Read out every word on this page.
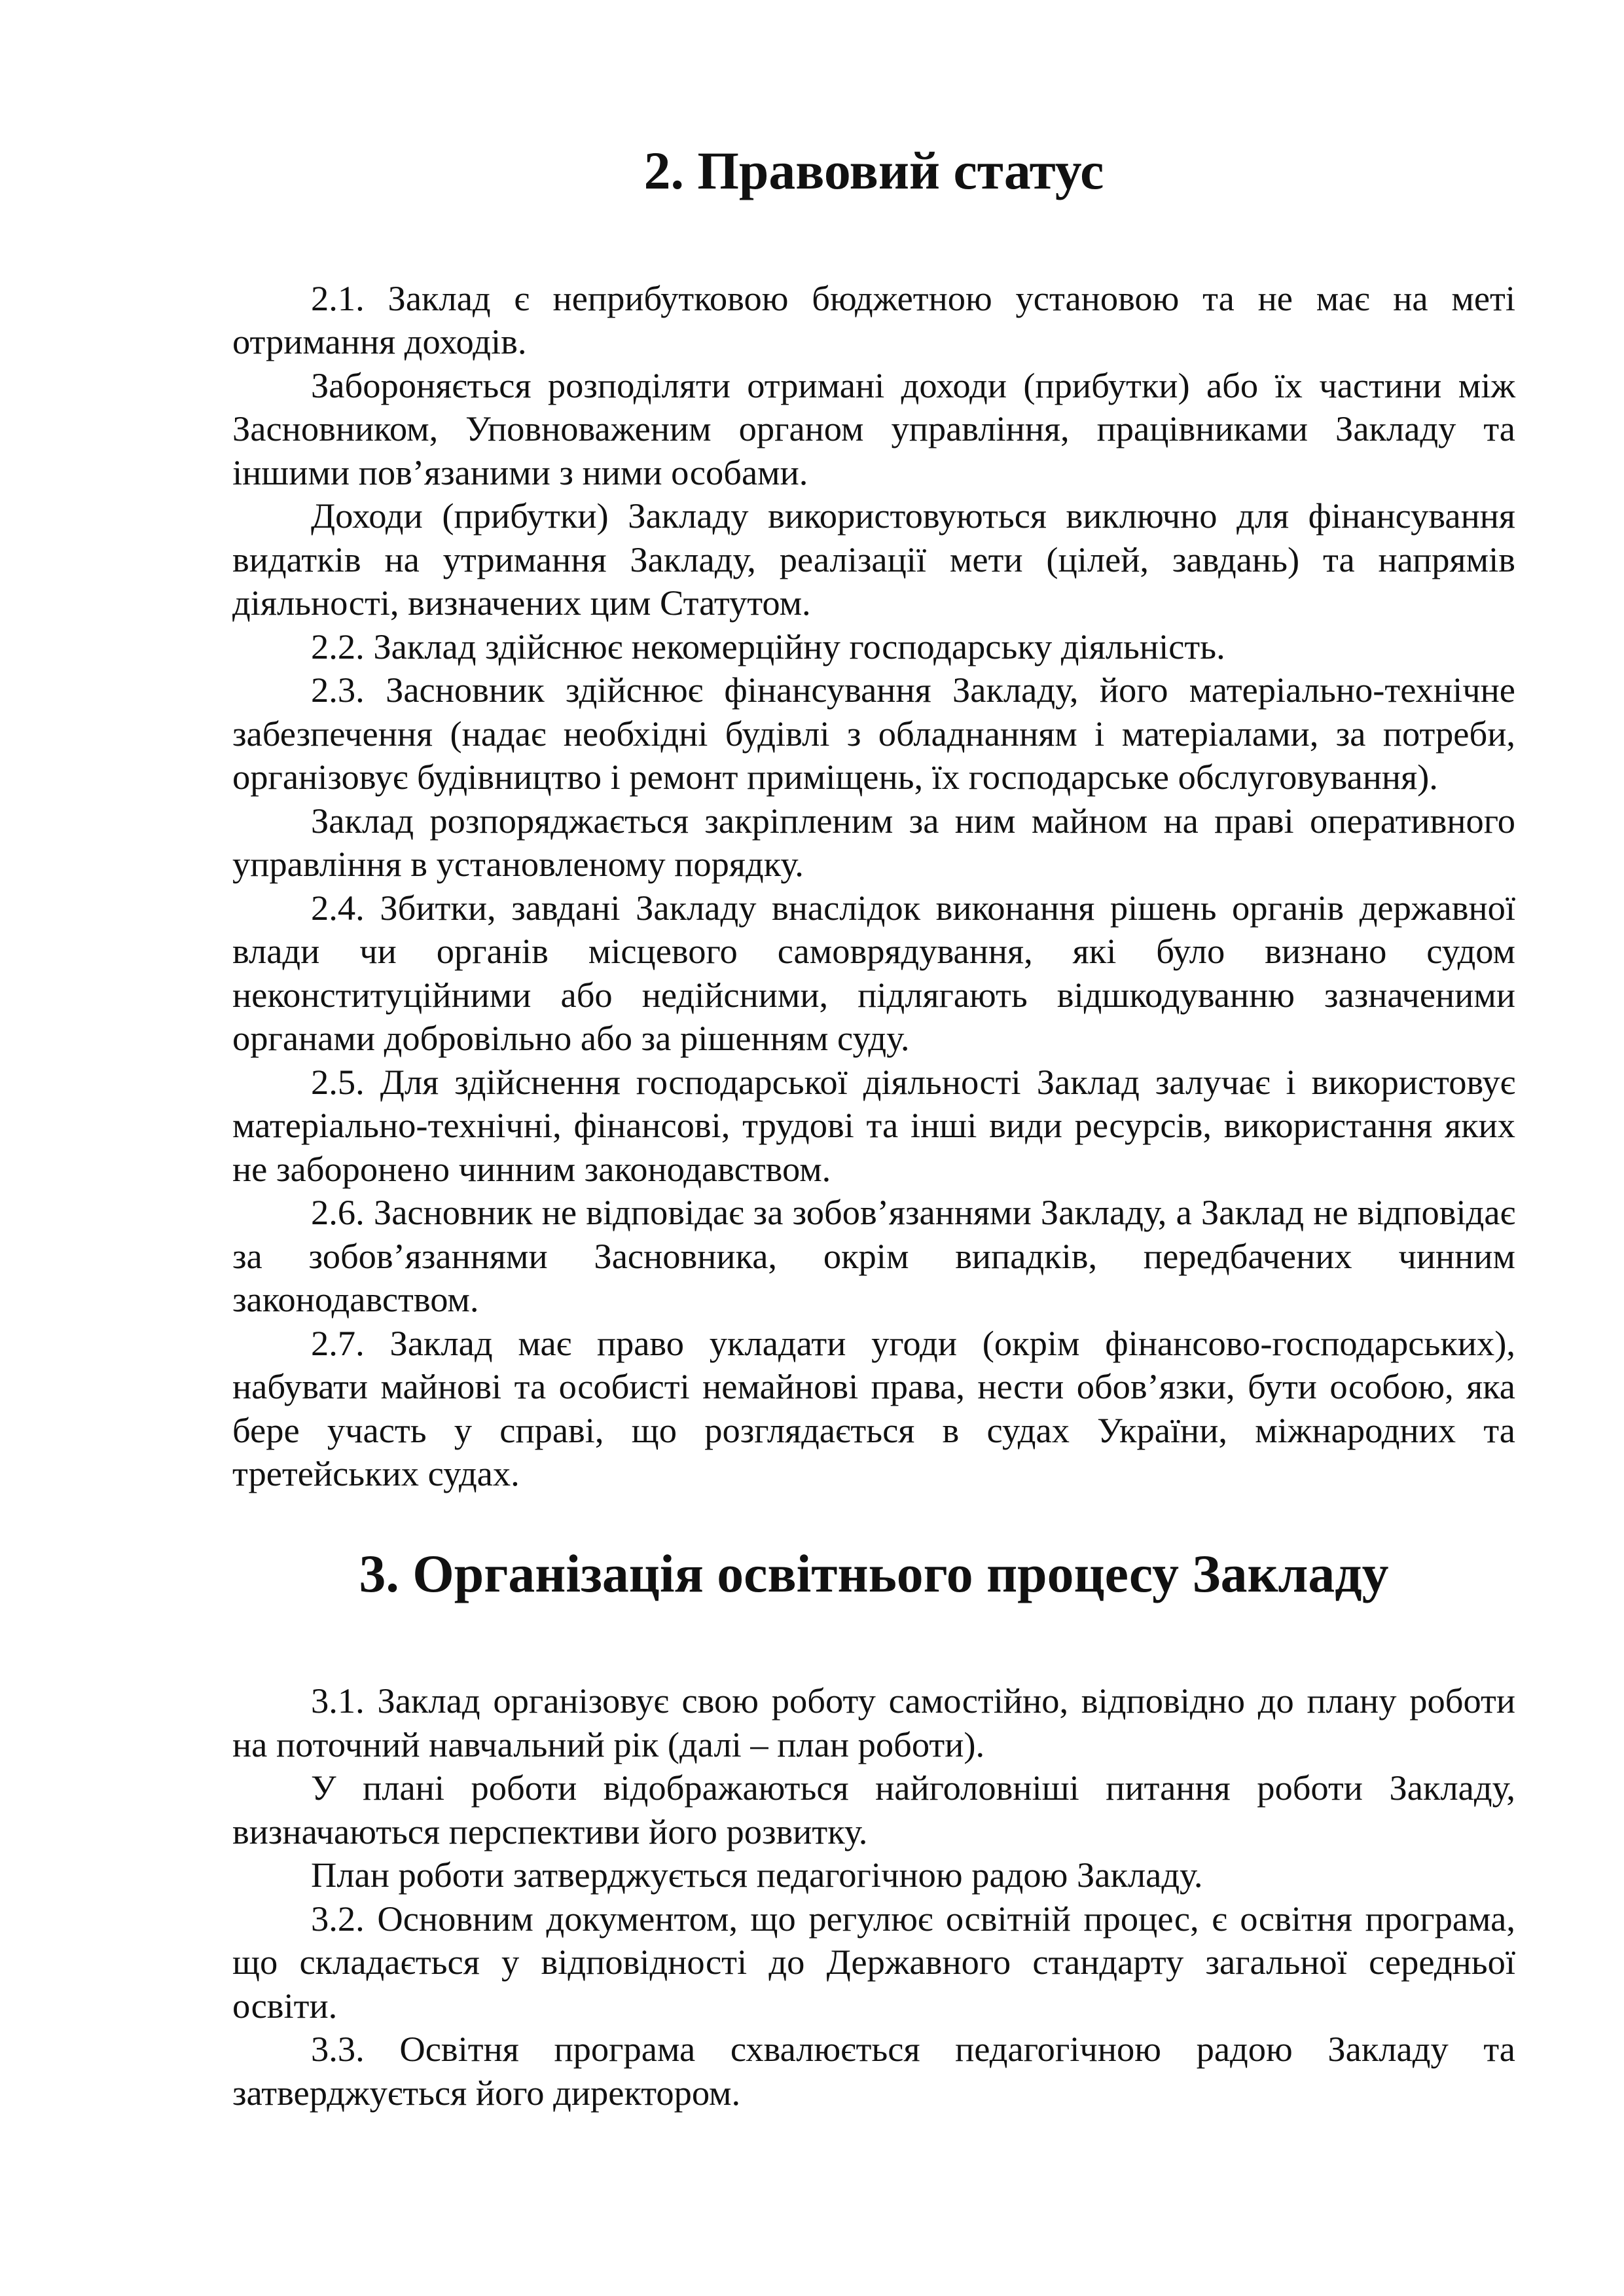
2. Правовий статус

2.1. Заклад є неприбутковою бюджетною установою та не має на меті отримання доходів.

Забороняється розподіляти отримані доходи (прибутки) або їх частини між Засновником, Уповноваженим органом управління, працівниками Закладу та іншими пов’язаними з ними особами.

Доходи (прибутки) Закладу використовуються виключно для фінансування видатків на утримання Закладу, реалізації мети (цілей, завдань) та напрямів діяльності, визначених цим Статутом.

2.2. Заклад здійснює некомерційну господарську діяльність.

2.3. Засновник здійснює фінансування Закладу, його матеріально-технічне забезпечення (надає необхідні будівлі з обладнанням і матеріалами, за потреби, організовує будівництво і ремонт приміщень, їх господарське обслуговування).

Заклад розпоряджається закріпленим за ним майном на праві оперативного управління в установленому порядку.

2.4. Збитки, завдані Закладу внаслідок виконання рішень органів державної влади чи органів місцевого самоврядування, які було визнано судом неконституційними або недійсними, підлягають відшкодуванню зазначеними органами добровільно або за рішенням суду.

2.5. Для здійснення господарської діяльності Заклад залучає і використовує матеріально-технічні, фінансові, трудові та інші види ресурсів, використання яких не заборонено чинним законодавством.

2.6. Засновник не відповідає за зобов’язаннями Закладу, а Заклад не відповідає за зобов’язаннями Засновника, окрім випадків, передбачених чинним законодавством.

2.7. Заклад має право укладати угоди (окрім фінансово-господарських), набувати майнові та особисті немайнові права, нести обов’язки, бути особою, яка бере участь у справі, що розглядається в судах України, міжнародних та третейських судах.

3. Організація освітнього процесу Закладу

3.1. Заклад організовує свою роботу самостійно, відповідно до плану роботи на поточний навчальний рік (далі – план роботи).

У плані роботи відображаються найголовніші питання роботи Закладу, визначаються перспективи його розвитку.

План роботи затверджується педагогічною радою Закладу.

3.2. Основним документом, що регулює освітній процес, є освітня програма, що складається у відповідності до Державного стандарту загальної середньої освіти.

3.3. Освітня програма схвалюється педагогічною радою Закладу та затверджується його директором.
